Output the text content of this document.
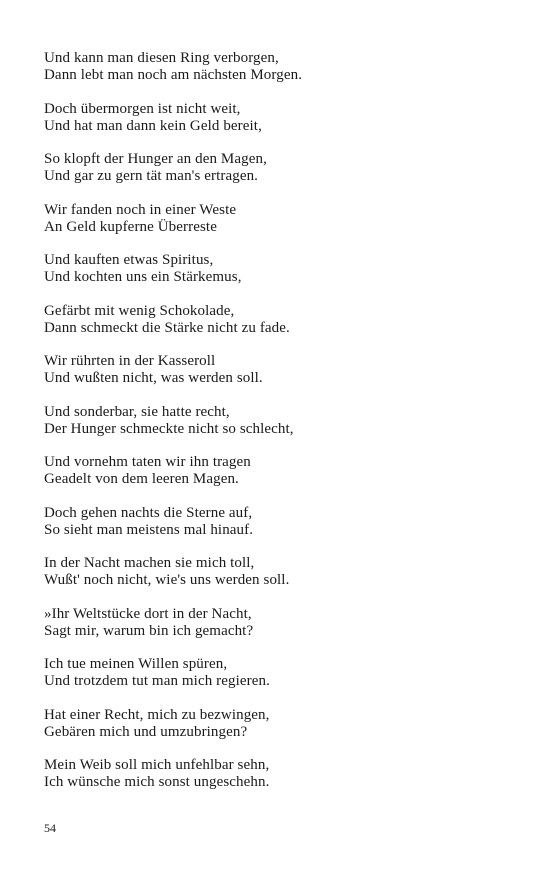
Und kann man diesen Ring verborgen,
Dann lebt man noch am nächsten Morgen.
Doch übermorgen ist nicht weit,
Und hat man dann kein Geld bereit,
So klopft der Hunger an den Magen,
Und gar zu gern tät man's ertragen.
Wir fanden noch in einer Weste
An Geld kupferne Überreste
Und kauften etwas Spiritus,
Und kochten uns ein Stärkemus,
Gefärbt mit wenig Schokolade,
Dann schmeckt die Stärke nicht zu fade.
Wir rührten in der Kasseroll
Und wußten nicht, was werden soll.
Und sonderbar, sie hatte recht,
Der Hunger schmeckte nicht so schlecht,
Und vornehm taten wir ihn tragen
Geadelt von dem leeren Magen.
Doch gehen nachts die Sterne auf,
So sieht man meistens mal hinauf.
In der Nacht machen sie mich toll,
Wußt' noch nicht, wie's uns werden soll.
»Ihr Weltstücke dort in der Nacht,
Sagt mir, warum bin ich gemacht?
Ich tue meinen Willen spüren,
Und trotzdem tut man mich regieren.
Hat einer Recht, mich zu bezwingen,
Gebären mich und umzubringen?
Mein Weib soll mich unfehlbar sehn,
Ich wünsche mich sonst ungeschehn.
54
